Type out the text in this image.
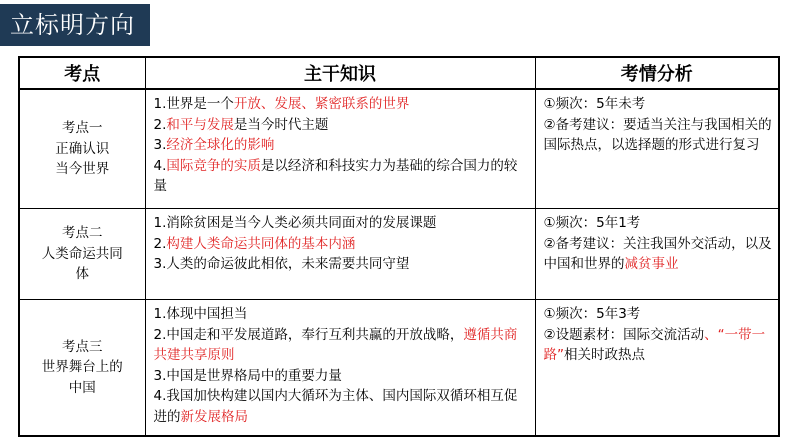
立标明方向
考点	主干知识	考情分析

考点一
正确认识
当今世界	1.世界是一个开放、发展、紧密联系的世界
2.和平与发展是当今时代主题
3.经济全球化的影响
4.国际竞争的实质是以经济和科技实力为基础的综合国力的较量	①频次：5年未考
②备考建议：要适当关注与我国相关的国际热点，以选择题的形式进行复习

考点二
人类命运共同
体	1.消除贫困是当今人类必须共同面对的发展课题
2.构建人类命运共同体的基本内涵
3.人类的命运彼此相依，未来需要共同守望	①频次：5年1考
②备考建议：关注我国外交活动，以及中国和世界的减贫事业

考点三
世界舞台上的
中国	1.体现中国担当
2.中国走和平发展道路，奉行互利共赢的开放战略，遵循共商共建共享原则
3.中国是世界格局中的重要力量
4.我国加快构建以国内大循环为主体、国内国际双循环相互促进的新发展格局	①频次：5年3考
②设题素材：国际交流活动、“一带一路”相关时政热点
